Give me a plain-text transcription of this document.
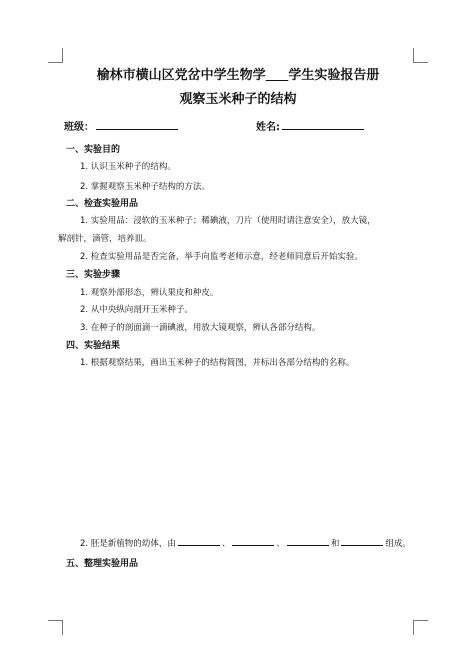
榆林市横山区党岔中学生物学 学生实验报告册
观察玉米种子的结构
班级：	姓名:
一、实验目的
1. 认识玉米种子的结构。
2. 掌握观察玉米种子结构的方法。
二、检查实验用品
1. 实验用品：浸软的玉米种子；稀碘液，刀片（使用时请注意安全），放大镜，
解剖针，滴管，培养皿。
2. 检查实验用品是否完备，举手向监考老师示意，经老师同意后开始实验。
三、实验步骤
1. 观察外部形态，辨认果皮和种皮。
2. 从中央纵向剖开玉米种子。
3. 在种子的剖面滴一滴碘液，用放大镜观察，辨认各部分结构。
四、实验结果
1. 根据观察结果，画出玉米种子的结构简图，并标出各部分结构的名称。
2. 胚是新植物的幼体，由	、	、	和	组成。
五、整理实验用品
